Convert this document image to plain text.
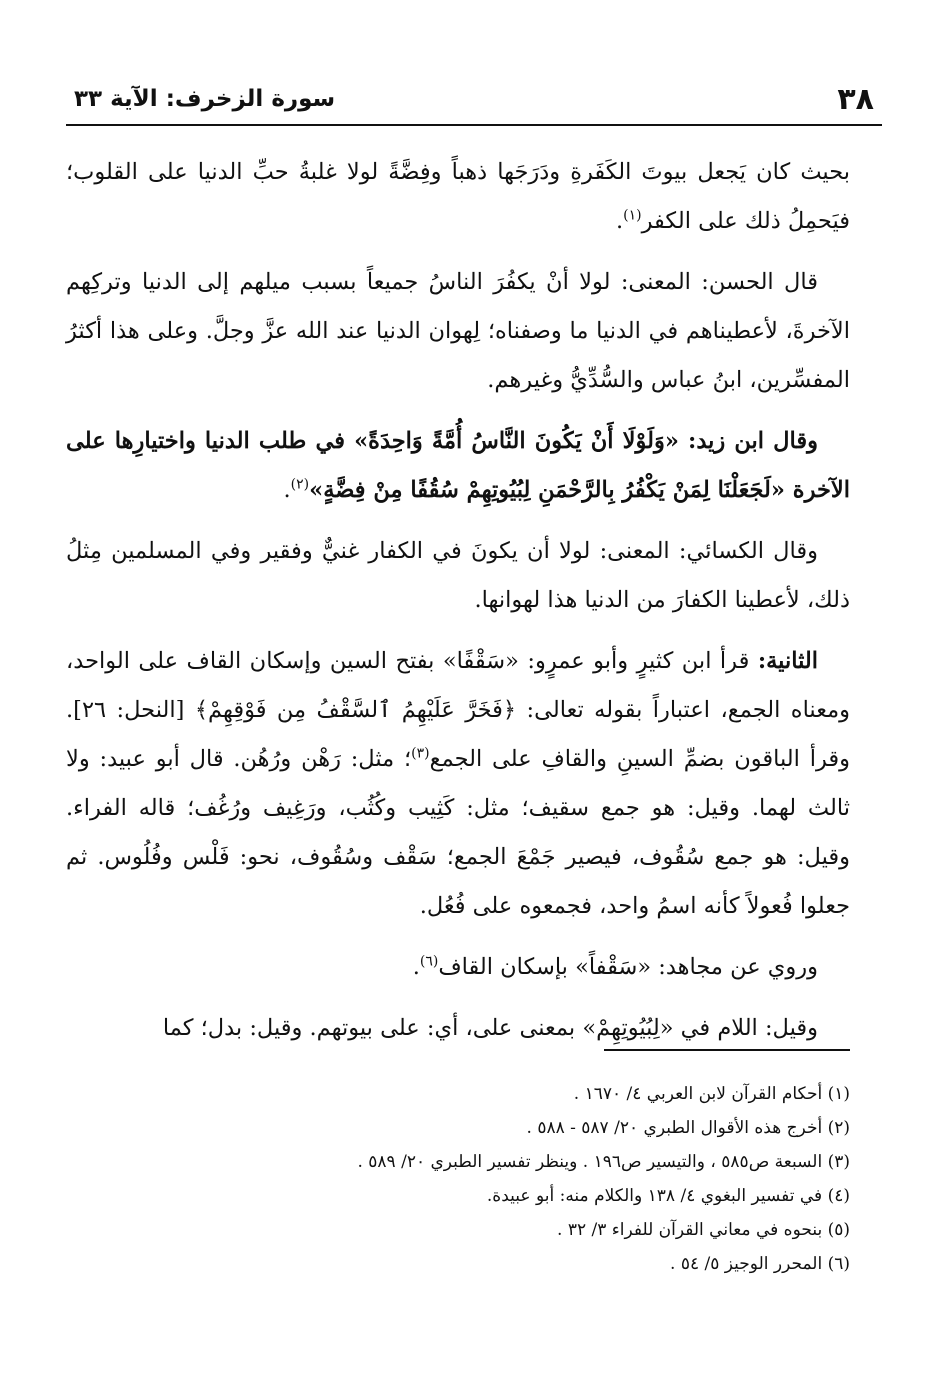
٣٨
سورة الزخرف: الآية ٣٣

بحيث كان يَجعل بيوتَ الكَفَرةِ ودَرَجَها ذهباً وفِضَّةً لولا غلبةُ حبِّ الدنيا على القلوب؛ فيَحمِلُ ذلك على الكفر$^{(١)}$.

قال الحسن: المعنى: لولا أنْ يكفُرَ الناسُ جميعاً بسبب ميلهم إلى الدنيا وتركِهم الآخرةَ، لأعطيناهم في الدنيا ما وصفناه؛ لِهوان الدنيا عند الله عزَّ وجلَّ. وعلى هذا أكثرُ المفسِّرين، ابنُ عباس والسُّدِّيُّ وغيرهم.

وقال ابن زيد: «وَلَوْلَا أَنْ يَكُونَ النَّاسُ أُمَّةً وَاحِدَةً» في طلب الدنيا واختيارِها على الآخرة «لَجَعَلْنَا لِمَنْ يَكْفُرُ بِالرَّحْمَنِ لِبُيُوتِهِمْ سُقُفًا مِنْ فِضَّةٍ»$^{(٢)}$.

وقال الكسائي: المعنى: لولا أن يكونَ في الكفار غنيٌّ وفقير وفي المسلمين مِثلُ ذلك، لأعطينا الكفارَ من الدنيا هذا لهوانها.

الثانية: قرأ ابن كثيرٍ وأبو عمرٍو: «سَقْفًا» بفتح السين وإسكان القاف على الواحد، ومعناه الجمع، اعتباراً بقوله تعالى: ﴿فَخَرَّ عَلَيْهِمُ ٱلسَّقْفُ مِن فَوْقِهِمْ﴾ [النحل: ٢٦]. وقرأ الباقون بضمِّ السينِ والقافِ على الجمع$^{(٣)}$؛ مثل: رَهْن ورُهُن. قال أبو عبيد: ولا ثالث لهما. وقيل: هو جمع سقيف؛ مثل: كَثِيب وكُثُب، ورَغِيف ورُغُف؛ قاله الفراء. وقيل: هو جمع سُقُوف، فيصير جَمْعَ الجمع؛ سَقْف وسُقُوف، نحو: فَلْس وفُلُوس. ثم جعلوا فُعولاً كأنه اسمُ واحد، فجمعوه على فُعُل.

وروي عن مجاهد: «سَقْفاً» بإسكان القاف$^{(٦)}$.

وقيل: اللام في «لِبُيُوتِهِمْ» بمعنى على، أي: على بيوتهم. وقيل: بدل؛ كما

(١) أحكام القرآن لابن العربي ٤/ ١٦٧٠ .

(٢) أخرج هذه الأقوال الطبري ٢٠/ ٥٨٧ - ٥٨٨ .

(٣) السبعة ص٥٨٥ ، والتيسير ص١٩٦ . وينظر تفسير الطبري ٢٠/ ٥٨٩ .

(٤) في تفسير البغوي ٤/ ١٣٨ والكلام منه: أبو عبيدة.

(٥) بنحوه في معاني القرآن للفراء ٣/ ٣٢ .

(٦) المحرر الوجيز ٥/ ٥٤ .
